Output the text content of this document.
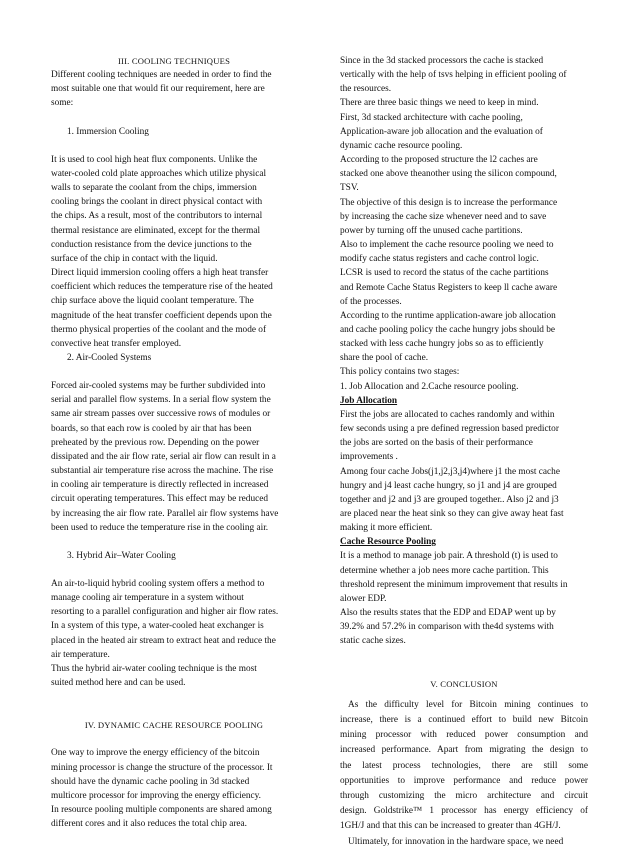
III. COOLING TECHNIQUES
Different cooling techniques are needed in order to find the
most suitable one that would fit our requirement, here are
some:
1. Immersion Cooling
It is used to cool high heat flux components. Unlike the
water-cooled cold plate approaches which utilize physical
walls to separate the coolant from the chips, immersion
cooling brings the coolant in direct physical contact with
the chips. As a result, most of the contributors to internal
thermal resistance are eliminated, except for the thermal
conduction resistance from the device junctions to the
surface of the chip in contact with the liquid.
Direct liquid immersion cooling offers a high heat transfer
coefficient which reduces the temperature rise of the heated
chip surface above the liquid coolant temperature. The
magnitude of the heat transfer coefficient depends upon the
thermo physical properties of the coolant and the mode of
convective heat transfer employed.
2. Air-Cooled Systems
Forced air-cooled systems may be further subdivided into
serial and parallel flow systems. In a serial flow system the
same air stream passes over successive rows of modules or
boards, so that each row is cooled by air that has been
preheated by the previous row. Depending on the power
dissipated and the air flow rate, serial air flow can result in a
substantial air temperature rise across the machine. The rise
in cooling air temperature is directly reflected in increased
circuit operating temperatures. This effect may be reduced
by increasing the air flow rate. Parallel air flow systems have
been used to reduce the temperature rise in the cooling air.
3. Hybrid Air–Water Cooling
An air-to-liquid hybrid cooling system offers a method to
manage cooling air temperature in a system without
resorting to a parallel configuration and higher air flow rates.
In a system of this type, a water-cooled heat exchanger is
placed in the heated air stream to extract heat and reduce the
air temperature.
Thus the hybrid air-water cooling technique is the most
suited method here and can be used.
IV. DYNAMIC CACHE RESOURCE POOLING
One way to improve the energy efficiency of the bitcoin
mining processor is change the structure of the processor. It
should have the dynamic cache pooling in 3d stacked
multicore processor for improving the energy efficiency.
In resource pooling multiple components are shared among
different cores and it also reduces the total chip area.
Since in the 3d stacked processors the cache is stacked
vertically with the help of tsvs helping in efficient pooling of
the resources.
There are three basic things we need to keep in mind.
First, 3d stacked architecture with cache pooling,
Application-aware job allocation and the evaluation of
dynamic cache resource pooling.
According to the proposed structure the l2 caches are
stacked one above theanother using the silicon compound,
TSV.
The objective of this design is to increase the performance
by increasing the cache size whenever need and to save
power by turning off the unused cache partitions.
Also to implement the cache resource pooling we need to
modify cache status registers and cache control logic.
LCSR is used to record the status of the cache partitions
and Remote Cache Status Registers to keep ll cache aware
of the processes.
According to the runtime application-aware job allocation
and cache pooling policy the cache hungry jobs should be
stacked with less cache hungry jobs so as to efficiently
share the pool of cache.
This policy contains two stages:
1. Job Allocation and 2.Cache resource pooling.
Job Allocation
First the jobs are allocated to caches randomly and within
few seconds using a pre defined regression based predictor
the jobs are sorted on the basis of their performance
improvements .
Among four cache Jobs(j1,j2,j3,j4)where j1 the most cache
hungry and j4 least cache hungry, so j1 and j4 are grouped
together and j2 and j3 are grouped together.. Also j2 and j3
are placed near the heat sink so they can give away heat fast
making it more efficient.
Cache Resource Pooling
It is a method to manage job pair. A threshold (t) is used to
determine whether a job nees more cache partition. This
threshold represent the minimum improvement that results in
alower EDP.
Also the results states that the EDP and EDAP went up by
39.2% and 57.2% in comparison with the4d systems with
static cache sizes.
V. CONCLUSION
As the difficulty level for Bitcoin mining continues to
increase, there is a continued effort to build new Bitcoin
mining processor with reduced power consumption and
increased performance. Apart from migrating the design to
the latest process technologies, there are still some
opportunities to improve performance and reduce power
through customizing the micro architecture and circuit
design. Goldstrike™ 1 processor has energy efficiency of
1GH/J and that this can be increased to greater than 4GH/J.
Ultimately, for innovation in the hardware space, we need
